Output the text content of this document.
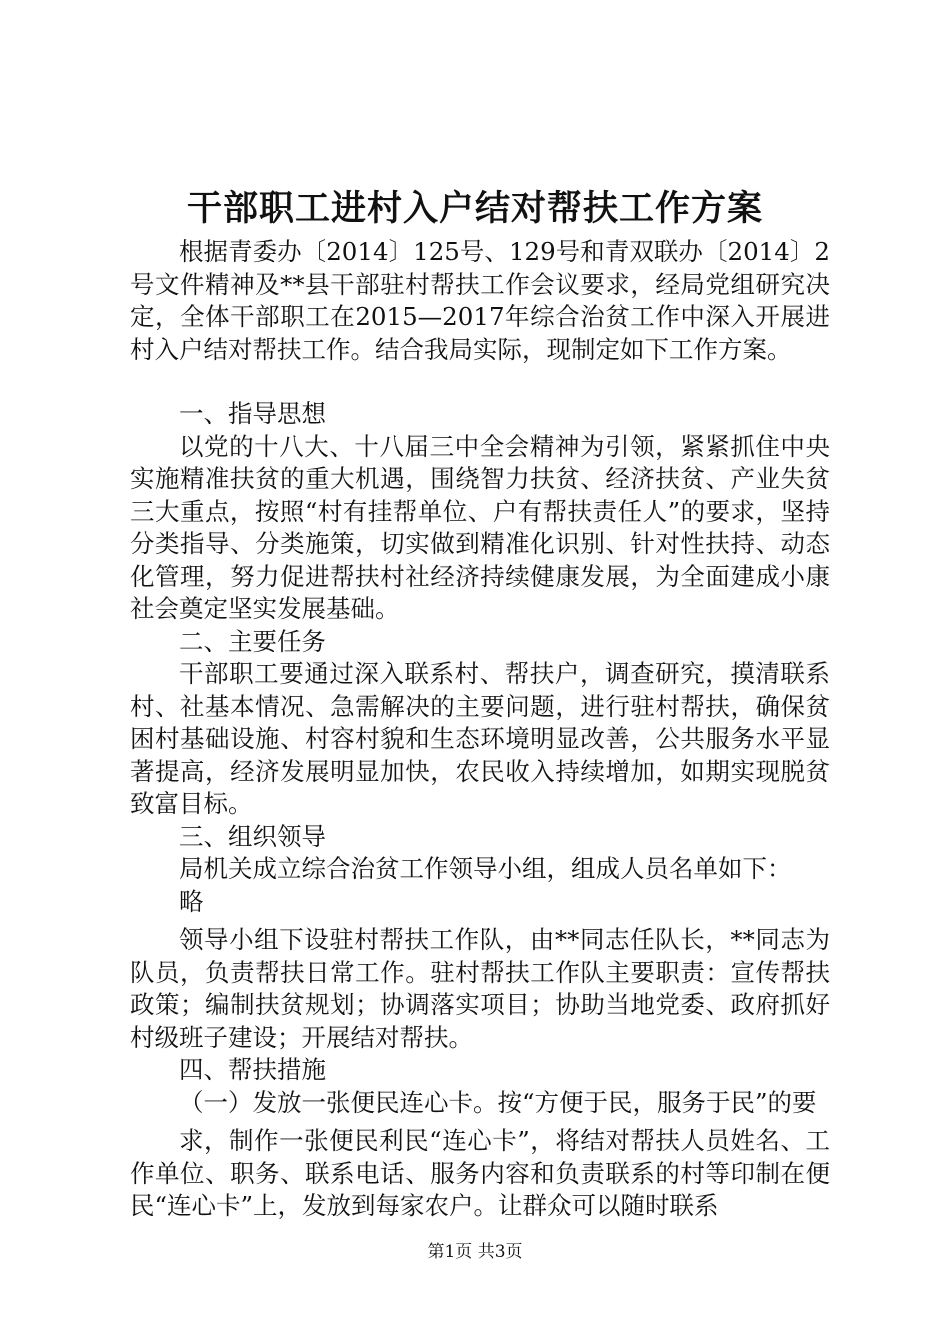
干部职工进村入户结对帮扶工作方案

根据青委办〔2014〕125号、129号和青双联办〔2014〕2号文件精神及**县干部驻村帮扶工作会议要求，经局党组研究决定，全体干部职工在2015—2017年综合治贫工作中深入开展进村入户结对帮扶工作。结合我局实际，现制定如下工作方案。

一、指导思想

以党的十八大、十八届三中全会精神为引领，紧紧抓住中央实施精准扶贫的重大机遇，围绕智力扶贫、经济扶贫、产业失贫三大重点，按照“村有挂帮单位、户有帮扶责任人”的要求，坚持分类指导、分类施策，切实做到精准化识别、针对性扶持、动态化管理，努力促进帮扶村社经济持续健康发展，为全面建成小康社会奠定坚实发展基础。

二、主要任务

干部职工要通过深入联系村、帮扶户，调查研究，摸清联系村、社基本情况、急需解决的主要问题，进行驻村帮扶，确保贫困村基础设施、村容村貌和生态环境明显改善，公共服务水平显著提高，经济发展明显加快，农民收入持续增加，如期实现脱贫致富目标。

三、组织领导

局机关成立综合治贫工作领导小组，组成人员名单如下：

略

领导小组下设驻村帮扶工作队，由**同志任队长，**同志为队员，负责帮扶日常工作。驻村帮扶工作队主要职责：宣传帮扶政策；编制扶贫规划；协调落实项目；协助当地党委、政府抓好村级班子建设；开展结对帮扶。

四、帮扶措施

（一）发放一张便民连心卡。按“方便于民，服务于民”的要

求，制作一张便民利民“连心卡”，将结对帮扶人员姓名、工作单位、职务、联系电话、服务内容和负责联系的村等印制在便民“连心卡”上，发放到每家农户。让群众可以随时联系

第1页 共3页
